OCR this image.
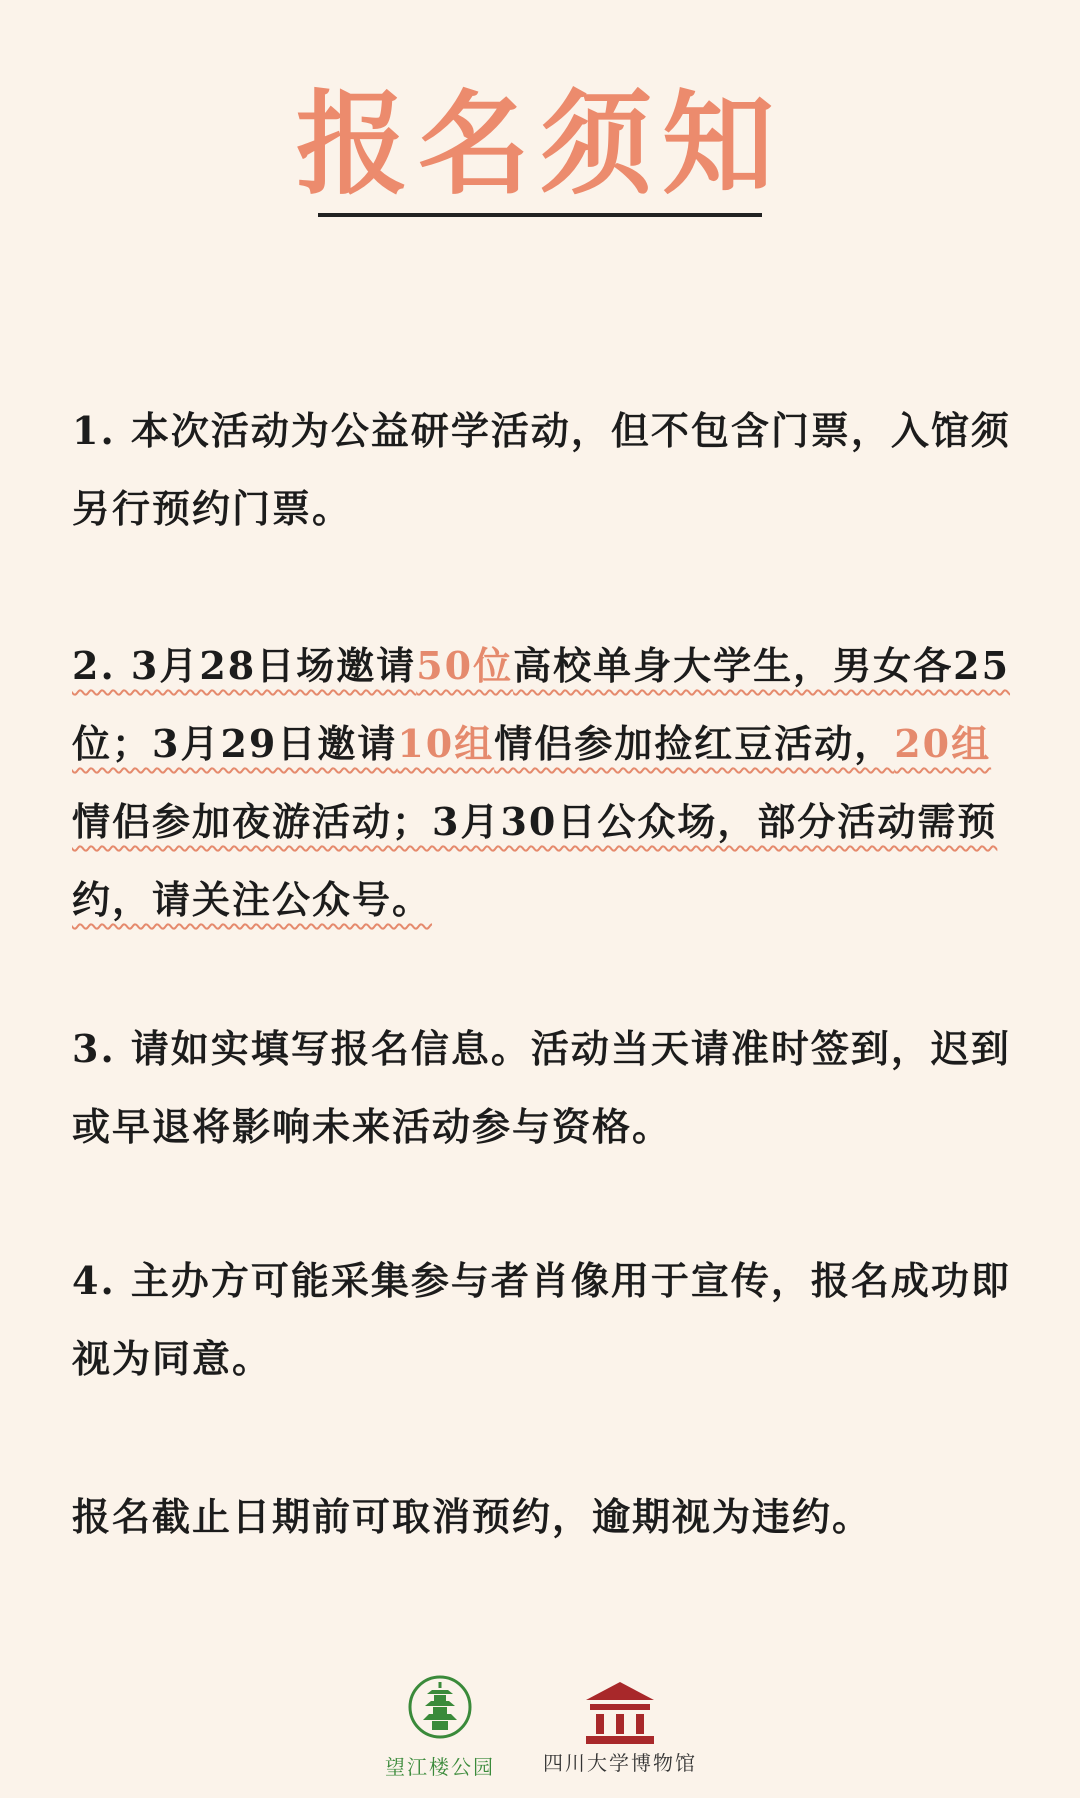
报名须知

1. 本次活动为公益研学活动，但不包含门票，入馆须另行预约门票。

2. 3月28日场邀请50位高校单身大学生，男女各25位；3月29日邀请10组情侣参加捡红豆活动，20组情侣参加夜游活动；3月30日公众场，部分活动需预约，请关注公众号。

3. 请如实填写报名信息。活动当天请准时签到，迟到或早退将影响未来活动参与资格。

4. 主办方可能采集参与者肖像用于宣传，报名成功即视为同意。

报名截止日期前可取消预约，逾期视为违约。

望江楼公园	四川大学博物馆
